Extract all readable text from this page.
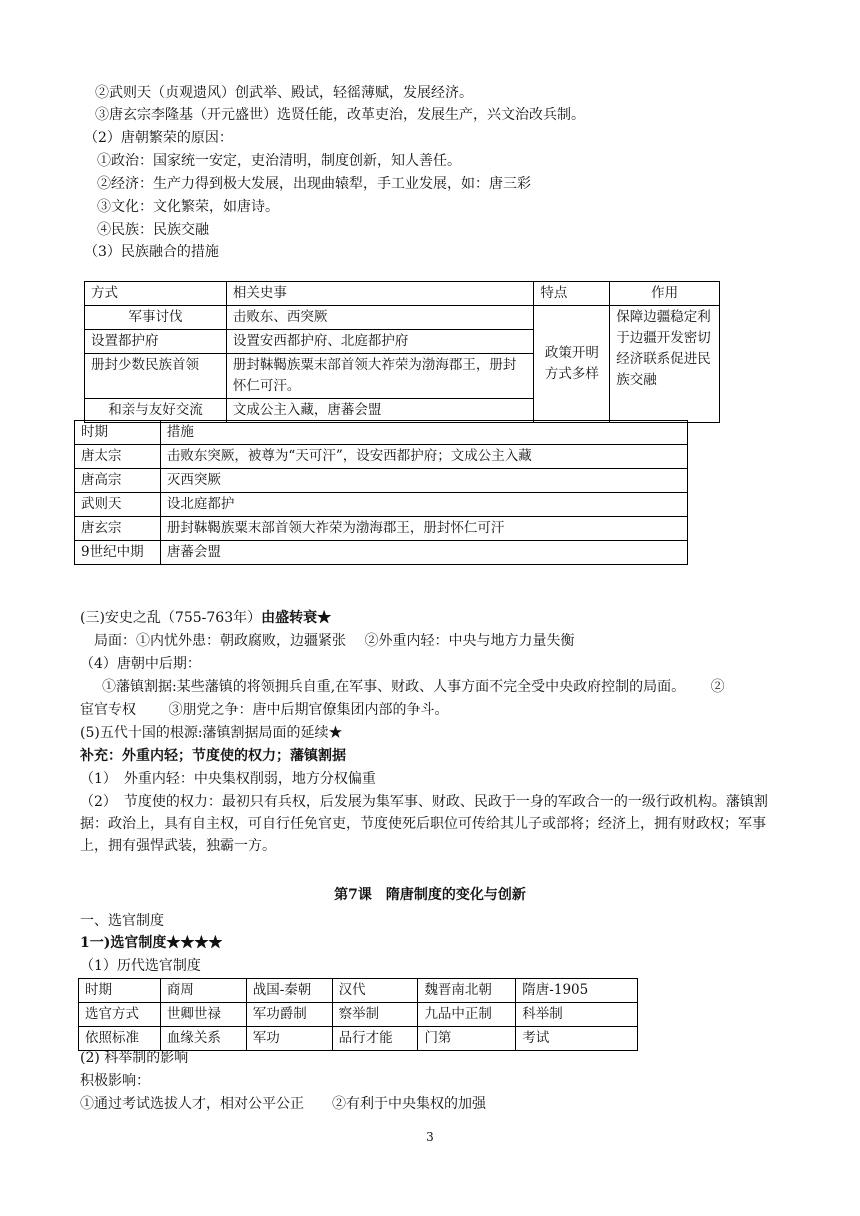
②武则天（贞观遗风）创武举、殿试，轻徭薄赋，发展经济。
③唐玄宗李隆基（开元盛世）选贤任能，改革吏治，发展生产，兴文治改兵制。
（2）唐朝繁荣的原因：
①政治：国家统一安定，吏治清明，制度创新，知人善任。
②经济：生产力得到极大发展，出现曲辕犁，手工业发展，如：唐三彩
③文化：文化繁荣，如唐诗。
④民族：民族交融
（3）民族融合的措施
方式	相关史事	特点	作用
军事讨伐	击败东、西突厥	政策开明方式多样	保障边疆稳定利于边疆开发密切经济联系促进民族交融
设置都护府	设置安西都护府、北庭都护府		
册封少数民族首领	册封靺鞨族粟末部首领大祚荣为渤海郡王，册封怀仁可汗。		
和亲与友好交流	文成公主入藏，唐蕃会盟		
时期	措施
唐太宗	击败东突厥，被尊为“天可汗”，设安西都护府；文成公主入藏
唐高宗	灭西突厥
武则天	设北庭都护
唐玄宗	册封靺鞨族粟末部首领大祚荣为渤海郡王，册封怀仁可汗
9世纪中期	唐蕃会盟
(三)安史之乱（755-763年）由盛转衰★
局面：①内忧外患：朝政腐败，边疆紧张　 ②外重内轻：中央与地方力量失衡
（4）唐朝中后期：
①藩镇割据:某些藩镇的将领拥兵自重,在军事、财政、人事方面不完全受中央政府控制的局面。　　 ②
宦官专权　　 ③朋党之争：唐中后期官僚集团内部的争斗。
(5)五代十国的根源:藩镇割据局面的延续★
补充：外重内轻；节度使的权力；藩镇割据
（1）　外重内轻：中央集权削弱，地方分权偏重
（2）　节度使的权力：最初只有兵权，后发展为集军事、财政、民政于一身的军政合一的一级行政机构。藩镇割据：政治上，具有自主权，可自行任免官吏，节度使死后职位可传给其儿子或部将；经济上，拥有财政权；军事上，拥有强悍武装，独霸一方。
第7课　隋唐制度的变化与创新
一、选官制度
1一)选官制度★★★★
（1）历代选官制度
时期	商周	战国-秦朝	汉代	魏晋南北朝	隋唐-1905
选官方式	世卿世禄	军功爵制	察举制	九品中正制	科举制
依照标准	血缘关系	军功	品行才能	门第	考试
(2) 科举制的影响
积极影响：
①通过考试选拔人才，相对公平公正　　②有利于中央集权的加强
3
